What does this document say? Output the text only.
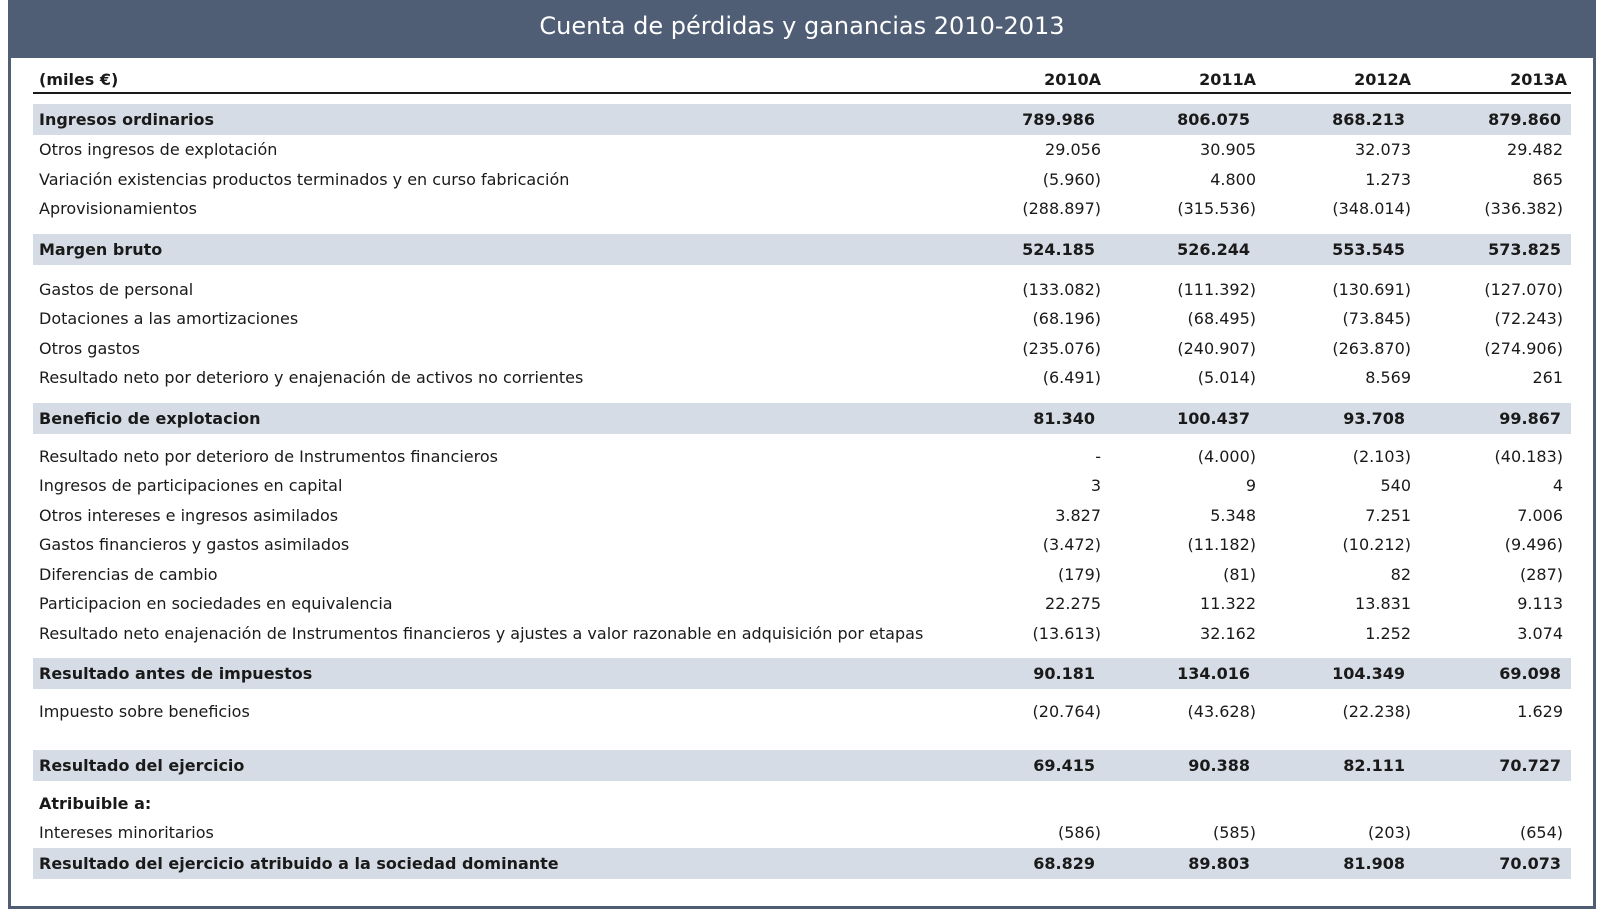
Cuenta de pérdidas y ganancias 2010-2013
(miles €)	2010A	2011A	2012A	2013A
Ingresos ordinarios	789.986	806.075	868.213	879.860
Otros ingresos de explotación	29.056	30.905	32.073	29.482
Variación existencias productos terminados y en curso fabricación	(5.960)	4.800	1.273	865
Aprovisionamientos	(288.897)	(315.536)	(348.014)	(336.382)
Margen bruto	524.185	526.244	553.545	573.825
Gastos de personal	(133.082)	(111.392)	(130.691)	(127.070)
Dotaciones a las amortizaciones	(68.196)	(68.495)	(73.845)	(72.243)
Otros gastos	(235.076)	(240.907)	(263.870)	(274.906)
Resultado neto por deterioro y enajenación de activos no corrientes	(6.491)	(5.014)	8.569	261
Beneficio de explotacion	81.340	100.437	93.708	99.867
Resultado neto por deterioro de Instrumentos financieros	-	(4.000)	(2.103)	(40.183)
Ingresos de participaciones en capital	3	9	540	4
Otros intereses e ingresos asimilados	3.827	5.348	7.251	7.006
Gastos financieros y gastos asimilados	(3.472)	(11.182)	(10.212)	(9.496)
Diferencias de cambio	(179)	(81)	82	(287)
Participacion en sociedades en equivalencia	22.275	11.322	13.831	9.113
Resultado neto enajenación de Instrumentos financieros y ajustes a valor razonable en adquisición por etapas	(13.613)	32.162	1.252	3.074
Resultado antes de impuestos	90.181	134.016	104.349	69.098
Impuesto sobre beneficios	(20.764)	(43.628)	(22.238)	1.629
Resultado del ejercicio	69.415	90.388	82.111	70.727
Atribuible a:
Intereses minoritarios	(586)	(585)	(203)	(654)
Resultado del ejercicio atribuido a la sociedad dominante	68.829	89.803	81.908	70.073
